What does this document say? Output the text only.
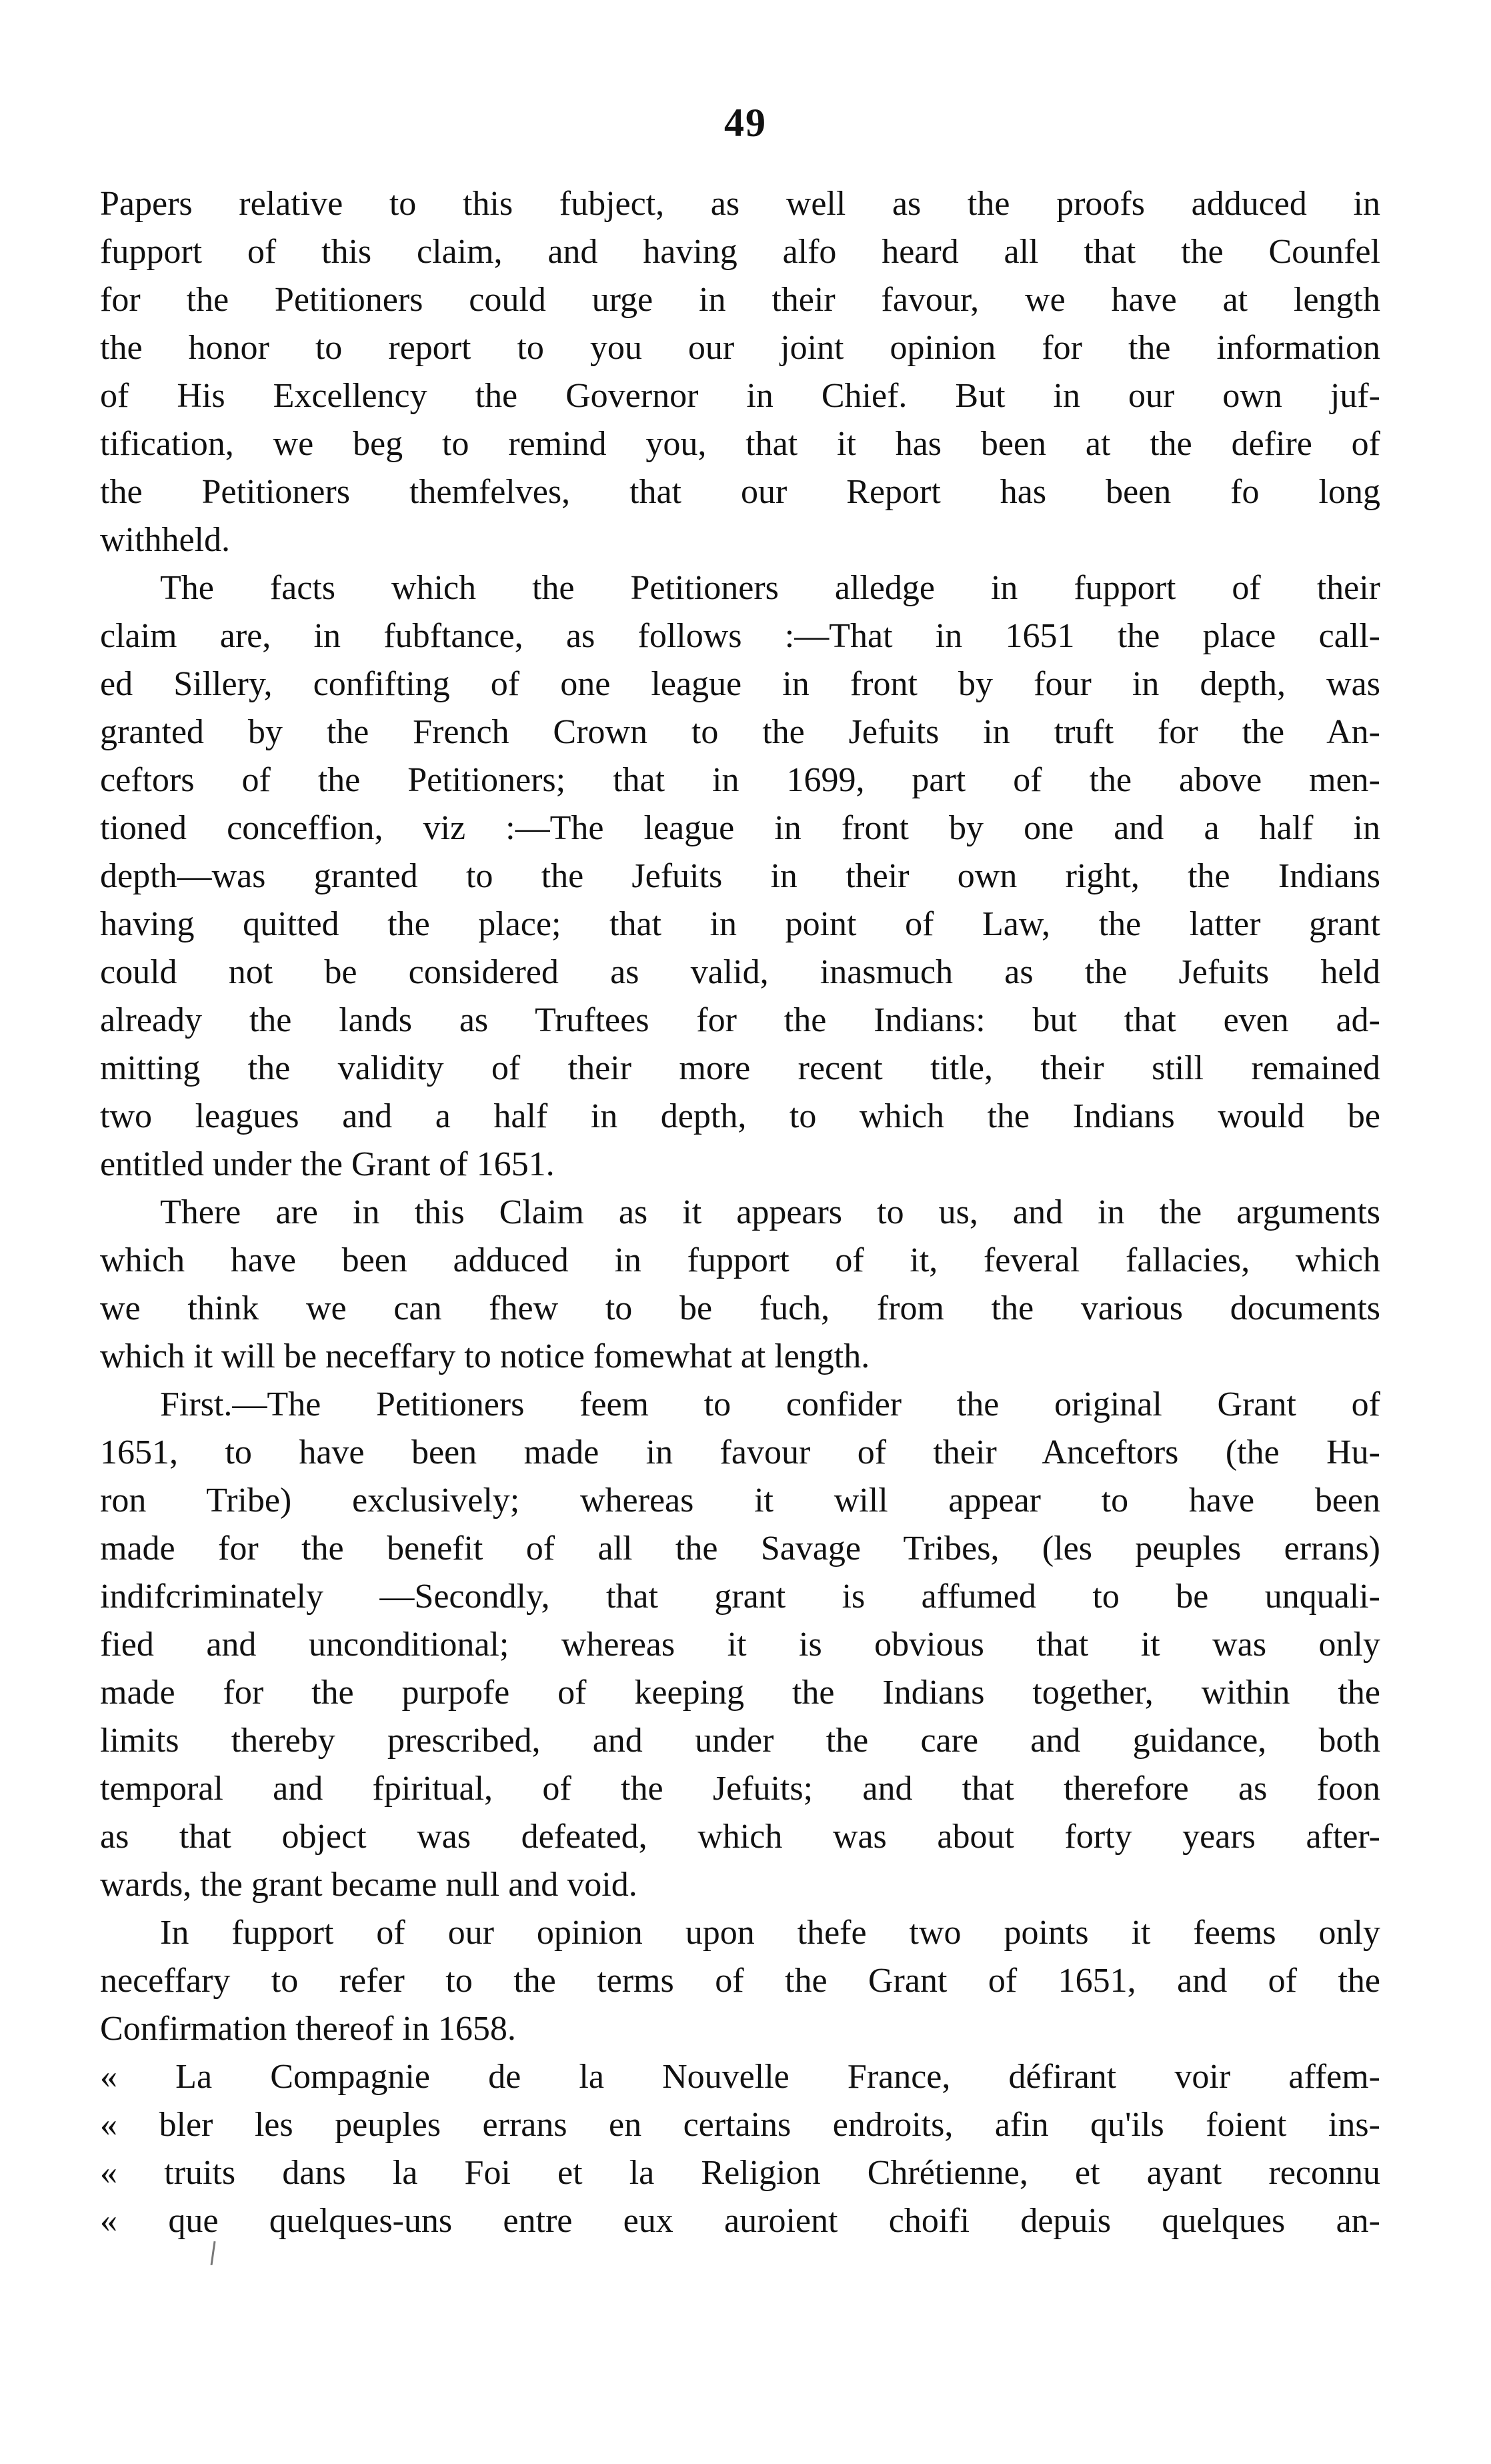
49
Papers relative to this fubject, as well as the proofs adduced in
fupport of this claim, and having alfo heard all that the Counfel
for the Petitioners could urge in their favour, we have at length
the honor to report to you our joint opinion for the information
of His Excellency the Governor in Chief. But in our own juf-
tification, we beg to remind you, that it has been at the defire of
the Petitioners themfelves, that our Report has been fo long
withheld.
The facts which the Petitioners alledge in fupport of their
claim are, in fubftance, as follows :—That in 1651 the place call-
ed Sillery, confifting of one league in front by four in depth, was
granted by the French Crown to the Jefuits in truft for the An-
ceftors of the Petitioners; that in 1699, part of the above men-
tioned conceffion, viz :—The league in front by one and a half in
depth—was granted to the Jefuits in their own right, the Indians
having quitted the place; that in point of Law, the latter grant
could not be considered as valid, inasmuch as the Jefuits held
already the lands as Truftees for the Indians: but that even ad-
mitting the validity of their more recent title, their still remained
two leagues and a half in depth, to which the Indians would be
entitled under the Grant of 1651.
There are in this Claim as it appears to us, and in the arguments
which have been adduced in fupport of it, feveral fallacies, which
we think we can fhew to be fuch, from the various documents
which it will be neceffary to notice fomewhat at length.
First.—The Petitioners feem to confider the original Grant of
1651, to have been made in favour of their Anceftors (the Hu-
ron Tribe) exclusively; whereas it will appear to have been
made for the benefit of all the Savage Tribes, (les peuples errans)
indifcriminately —Secondly, that grant is affumed to be unquali-
fied and unconditional; whereas it is obvious that it was only
made for the purpofe of keeping the Indians together, within the
limits thereby prescribed, and under the care and guidance, both
temporal and fpiritual, of the Jefuits; and that therefore as foon
as that object was defeated, which was about forty years after-
wards, the grant became null and void.
In fupport of our opinion upon thefe two points it feems only
neceffary to refer to the terms of the Grant of 1651, and of the
Confirmation thereof in 1658.
« La Compagnie de la Nouvelle France, défirant voir affem-
« bler les peuples errans en certains endroits, afin qu'ils foient ins-
« truits dans la Foi et la Religion Chrétienne, et ayant reconnu
« que quelques-uns entre eux auroient choifi depuis quelques an-
